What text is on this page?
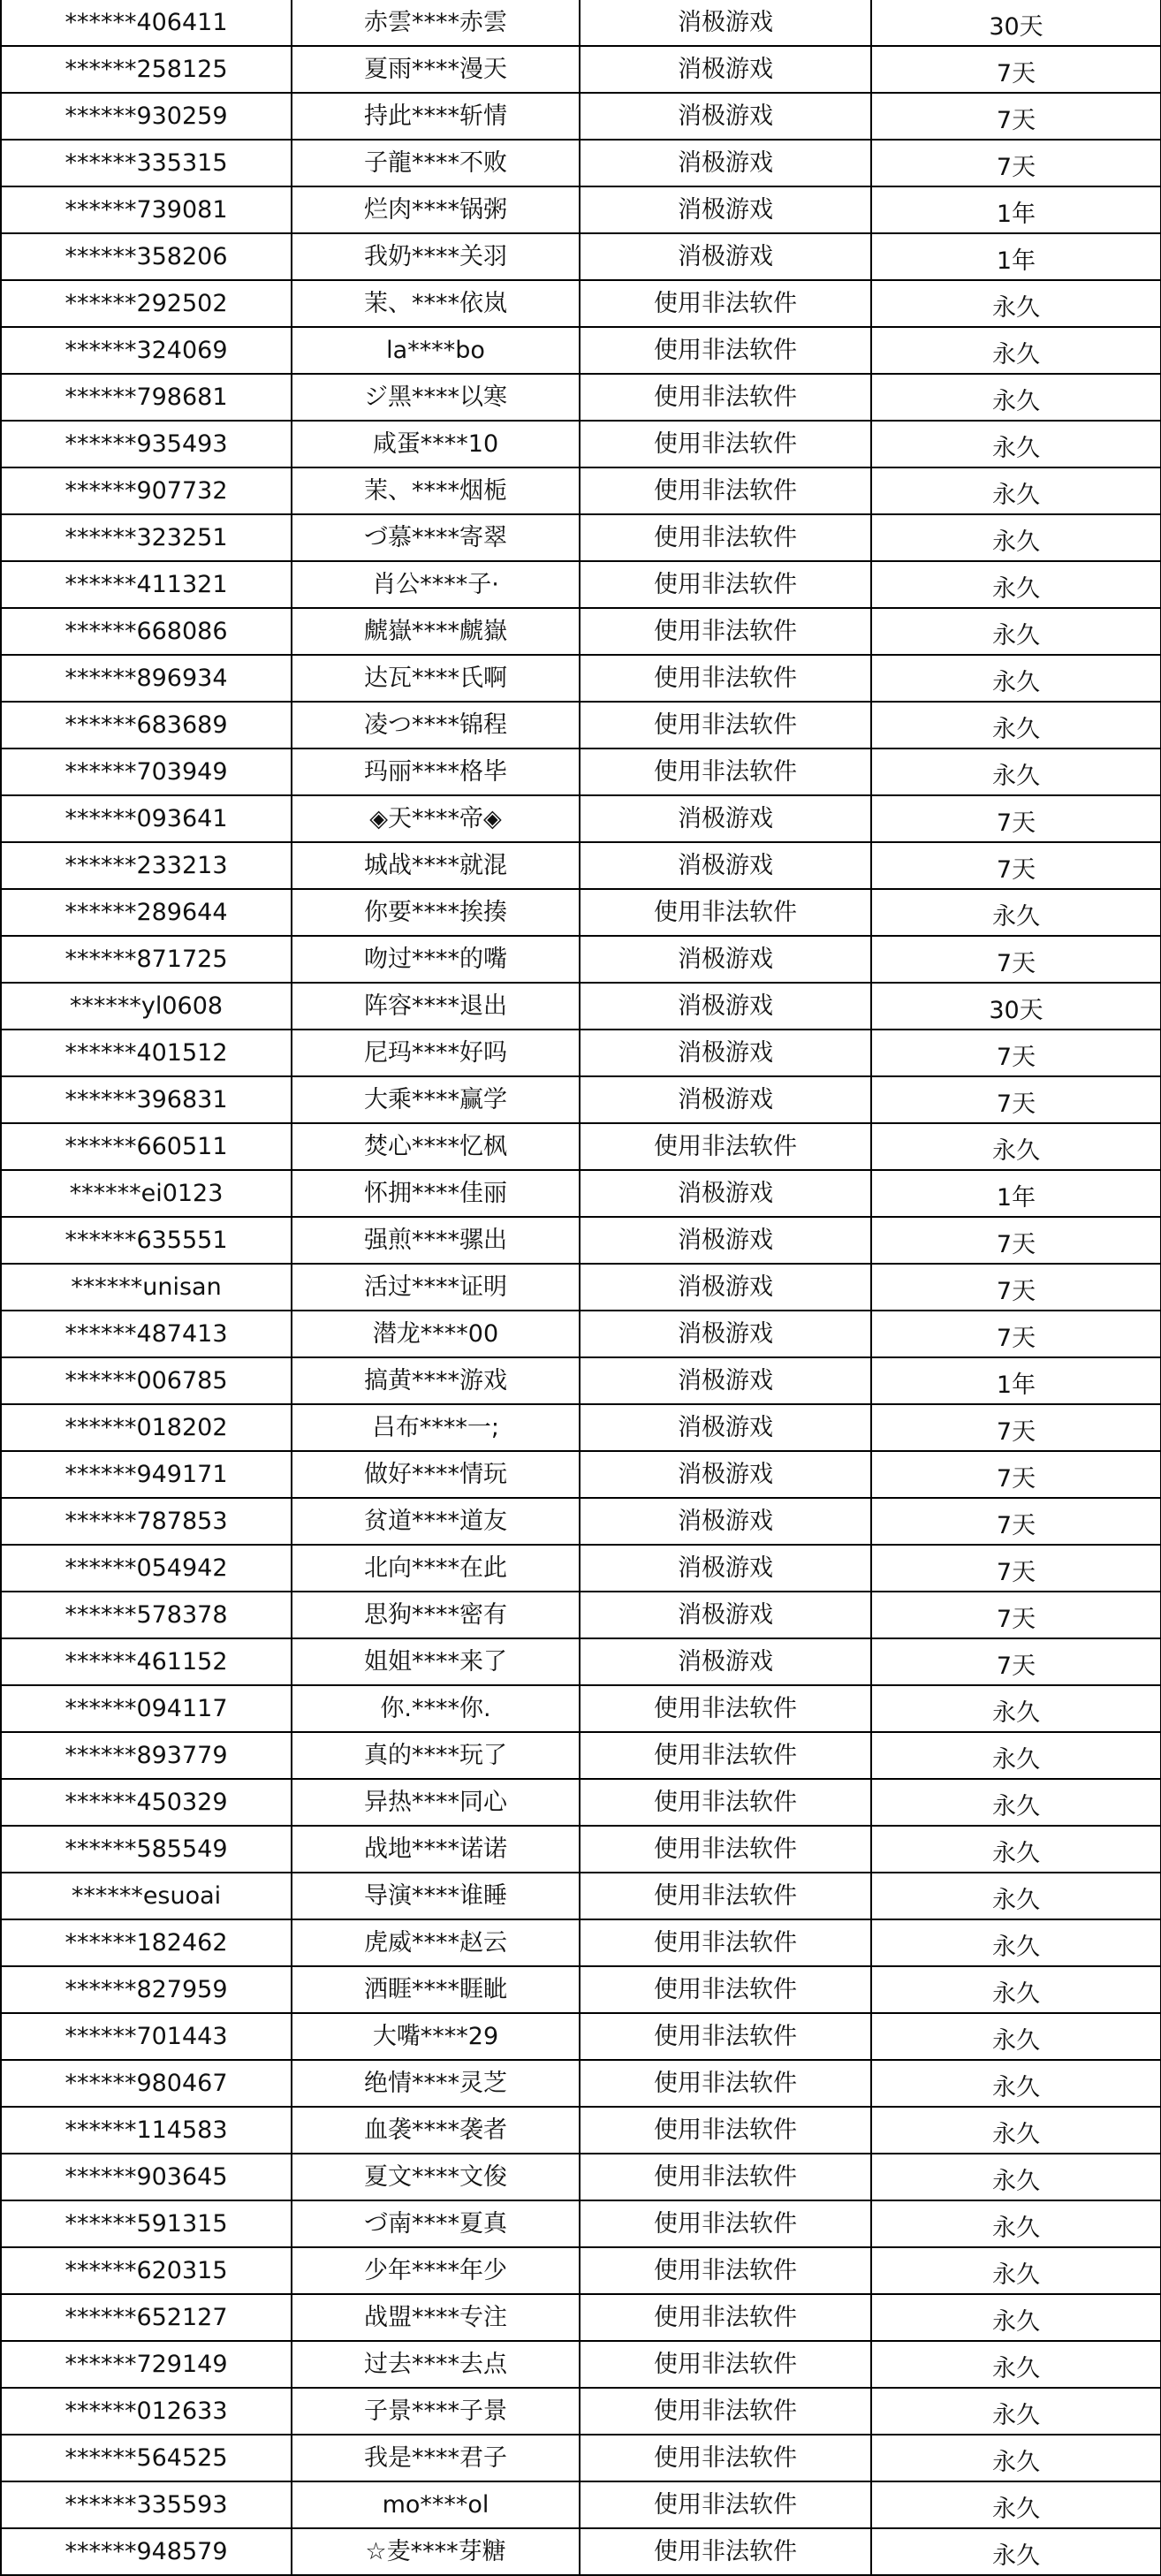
******406411	赤雲****赤雲	消极游戏	30天
******258125	夏雨****漫天	消极游戏	7天
******930259	持此****斩情	消极游戏	7天
******335315	子龍****不败	消极游戏	7天
******739081	烂肉****锅粥	消极游戏	1年
******358206	我奶****关羽	消极游戏	1年
******292502	茉、****依岚	使用非法软件	永久
******324069	la****bo	使用非法软件	永久
******798681	ジ黑****以寒	使用非法软件	永久
******935493	咸蛋****10	使用非法软件	永久
******907732	茉、****烟栀	使用非法软件	永久
******323251	づ慕****寄翠	使用非法软件	永久
******411321	肖公****子·	使用非法软件	永久
******668086	虤嶽****虤嶽	使用非法软件	永久
******896934	达瓦****氏啊	使用非法软件	永久
******683689	凌つ****锦程	使用非法软件	永久
******703949	玛丽****格毕	使用非法软件	永久
******093641	◈天****帝◈	消极游戏	7天
******233213	城战****就混	消极游戏	7天
******289644	你要****挨揍	使用非法软件	永久
******871725	吻过****的嘴	消极游戏	7天
******yl0608	阵容****退出	消极游戏	30天
******401512	尼玛****好吗	消极游戏	7天
******396831	大乘****赢学	消极游戏	7天
******660511	焚心****忆枫	使用非法软件	永久
******ei0123	怀拥****佳丽	消极游戏	1年
******635551	强煎****骡出	消极游戏	7天
******unisan	活过****证明	消极游戏	7天
******487413	潜龙****00	消极游戏	7天
******006785	搞黄****游戏	消极游戏	1年
******018202	吕布****一;	消极游戏	7天
******949171	做好****情玩	消极游戏	7天
******787853	贫道****道友	消极游戏	7天
******054942	北向****在此	消极游戏	7天
******578378	思狗****密有	消极游戏	7天
******461152	姐姐****来了	消极游戏	7天
******094117	你.****你.	使用非法软件	永久
******893779	真的****玩了	使用非法软件	永久
******450329	异热****同心	使用非法软件	永久
******585549	战地****诺诺	使用非法软件	永久
******esuoai	导演****谁睡	使用非法软件	永久
******182462	虎威****赵云	使用非法软件	永久
******827959	洒睚****睚眦	使用非法软件	永久
******701443	大嘴****29	使用非法软件	永久
******980467	绝情****灵芝	使用非法软件	永久
******114583	血袭****袭者	使用非法软件	永久
******903645	夏文****文俊	使用非法软件	永久
******591315	づ南****夏真	使用非法软件	永久
******620315	少年****年少	使用非法软件	永久
******652127	战盟****专注	使用非法软件	永久
******729149	过去****去点	使用非法软件	永久
******012633	子景****子景	使用非法软件	永久
******564525	我是****君子	使用非法软件	永久
******335593	mo****ol	使用非法软件	永久
******948579	☆麦****芽糖	使用非法软件	永久
